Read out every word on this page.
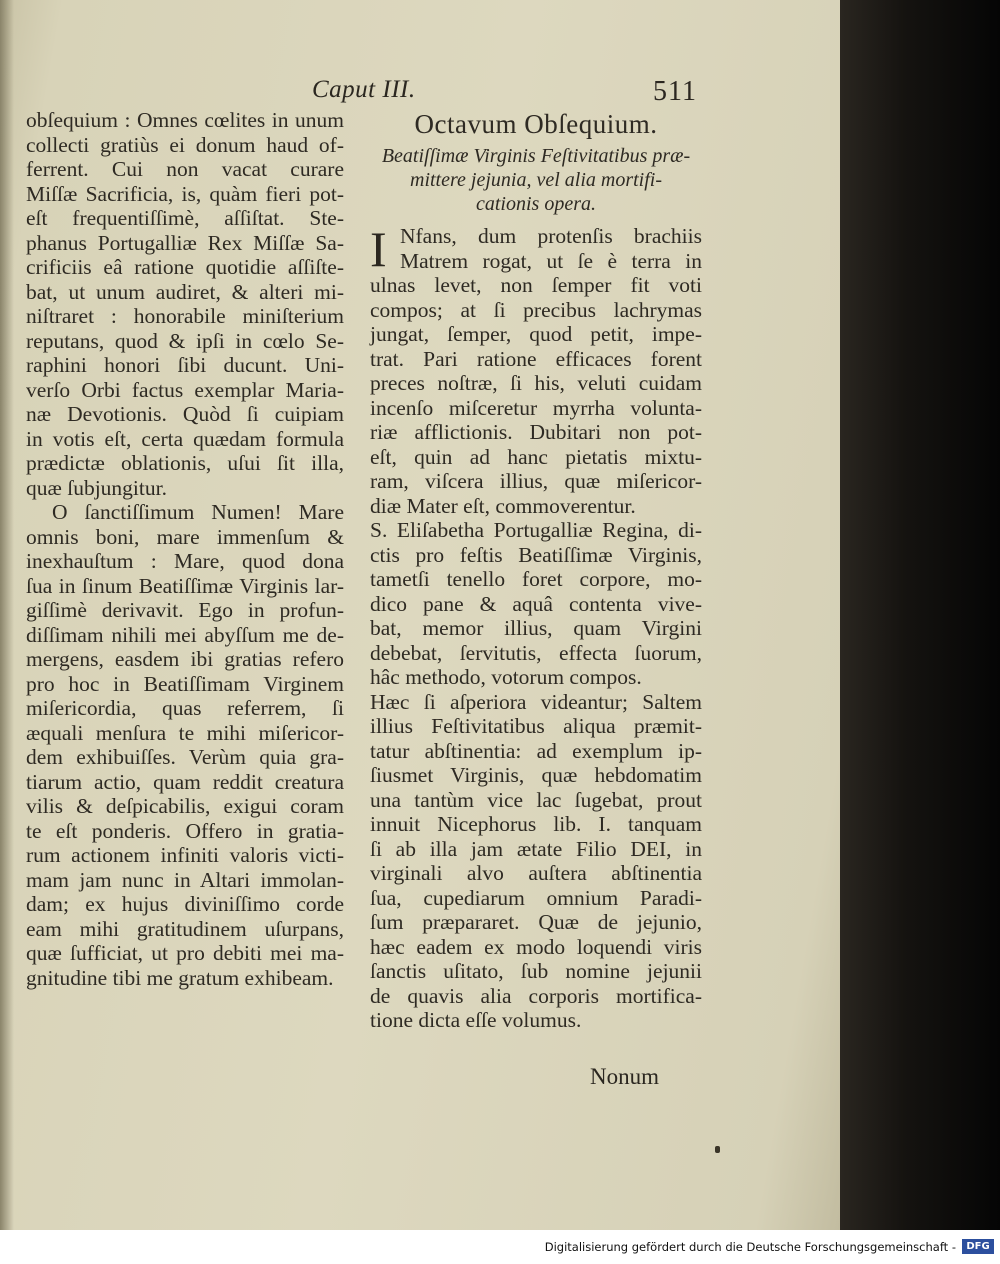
Caput III.	511
obſequium : Omnes cœlites in unum
collecti gratiùs ei donum haud of-
ferrent. Cui non vacat curare
Miſſæ Sacrificia, is, quàm fieri pot-
eſt frequentiſſimè, aſſiſtat. Ste-
phanus Portugalliæ Rex Miſſæ Sa-
crificiis eâ ratione quotidie aſſiſte-
bat, ut unum audiret, & alteri mi-
niſtraret : honorabile miniſterium
reputans, quod & ipſi in cœlo Se-
raphini honori ſibi ducunt. Uni-
verſo Orbi factus exemplar Maria-
næ Devotionis. Quòd ſi cuipiam
in votis eſt, certa quædam formula
prædictæ oblationis, uſui ſit illa,
quæ ſubjungitur.
O ſanctiſſimum Numen! Mare
omnis boni, mare immenſum &
inexhauſtum : Mare, quod dona
ſua in ſinum Beatiſſimæ Virginis lar-
giſſimè derivavit. Ego in profun-
diſſimam nihili mei abyſſum me de-
mergens, easdem ibi gratias refero
pro hoc in Beatiſſimam Virginem
miſericordia, quas referrem, ſi
æquali menſura te mihi miſericor-
dem exhibuiſſes. Verùm quia gra-
tiarum actio, quam reddit creatura
vilis & deſpicabilis, exigui coram
te eſt ponderis. Offero in gratia-
rum actionem infiniti valoris victi-
mam jam nunc in Altari immolan-
dam; ex hujus diviniſſimo corde
eam mihi gratitudinem uſurpans,
quæ ſufficiat, ut pro debiti mei ma-
gnitudine tibi me gratum exhibeam.
Octavum Obſequium.
Beatiſſimæ Virginis Feſtivitatibus præ-
mittere jejunia, vel alia mortifi-
cationis opera.
I Nfans, dum protenſis brachiis
Matrem rogat, ut ſe è terra in
ulnas levet, non ſemper fit voti
compos; at ſi precibus lachrymas
jungat, ſemper, quod petit, impe-
trat. Pari ratione efficaces forent
preces noſtræ, ſi his, veluti cuidam
incenſo miſceretur myrrha volunta-
riæ afflictionis. Dubitari non pot-
eſt, quin ad hanc pietatis mixtu-
ram, viſcera illius, quæ miſericor-
diæ Mater eſt, commoverentur.
S. Eliſabetha Portugalliæ Regina, di-
ctis pro feſtis Beatiſſimæ Virginis,
tametſi tenello foret corpore, mo-
dico pane & aquâ contenta vive-
bat, memor illius, quam Virgini
debebat, ſervitutis, effecta ſuorum,
hâc methodo, votorum compos.
Hæc ſi aſperiora videantur; Saltem
illius Feſtivitatibus aliqua præmit-
tatur abſtinentia: ad exemplum ip-
ſiusmet Virginis, quæ hebdomatim
una tantùm vice lac ſugebat, prout
innuit Nicephorus lib. I. tanquam
ſi ab illa jam ætate Filio DEI, in
virginali alvo auſtera abſtinentia
ſua, cupediarum omnium Paradi-
ſum præpararet. Quæ de jejunio,
hæc eadem ex modo loquendi viris
ſanctis uſitato, ſub nomine jejunii
de quavis alia corporis mortifica-
tione dicta eſſe volumus.
Nonum
Digitalisierung gefördert durch die Deutsche Forschungsgemeinschaft -	DFG
